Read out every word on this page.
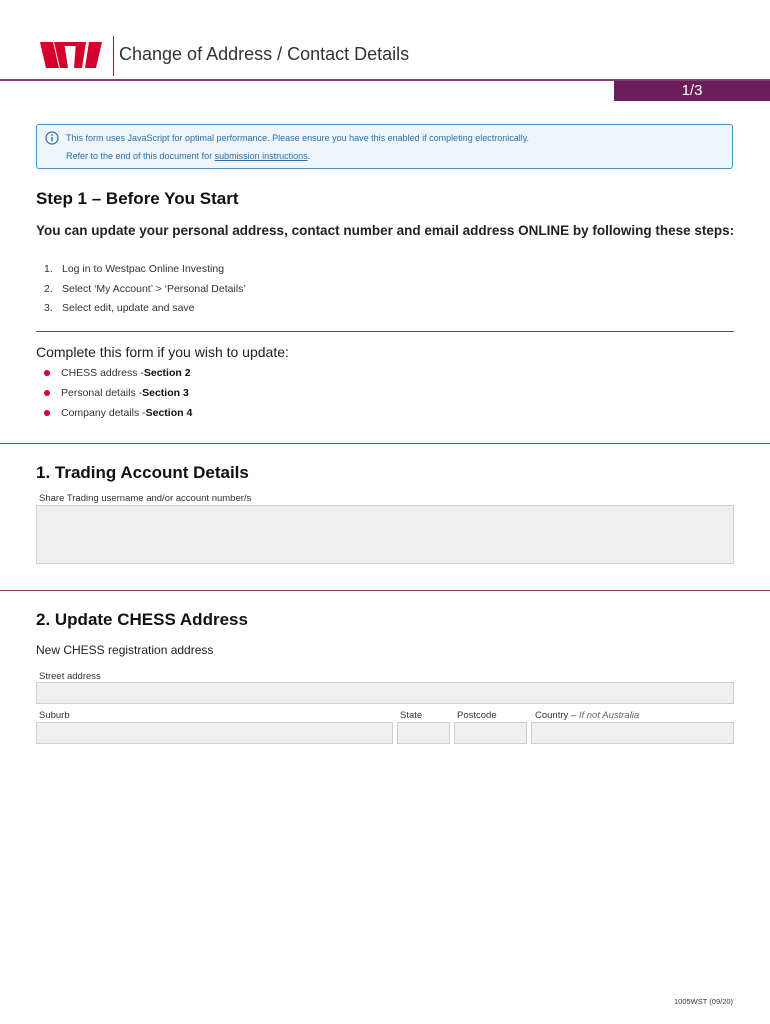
Change of Address / Contact Details
1/3
This form uses JavaScript for optimal performance. Please ensure you have this enabled if completing electronically.
Refer to the end of this document for submission instructions.
Step 1 – Before You Start
You can update your personal address, contact number and email address ONLINE by following these steps:
1. Log in to Westpac Online Investing
2. Select ‘My Account’ > ‘Personal Details’
3. Select edit, update and save
Complete this form if you wish to update:
CHESS address - Section 2
Personal details - Section 3
Company details - Section 4
1. Trading Account Details
Share Trading username and/or account number/s
2. Update CHESS Address
New CHESS registration address
Street address
Suburb	State	Postcode	Country – If not Australia
1005WST (09/20)
